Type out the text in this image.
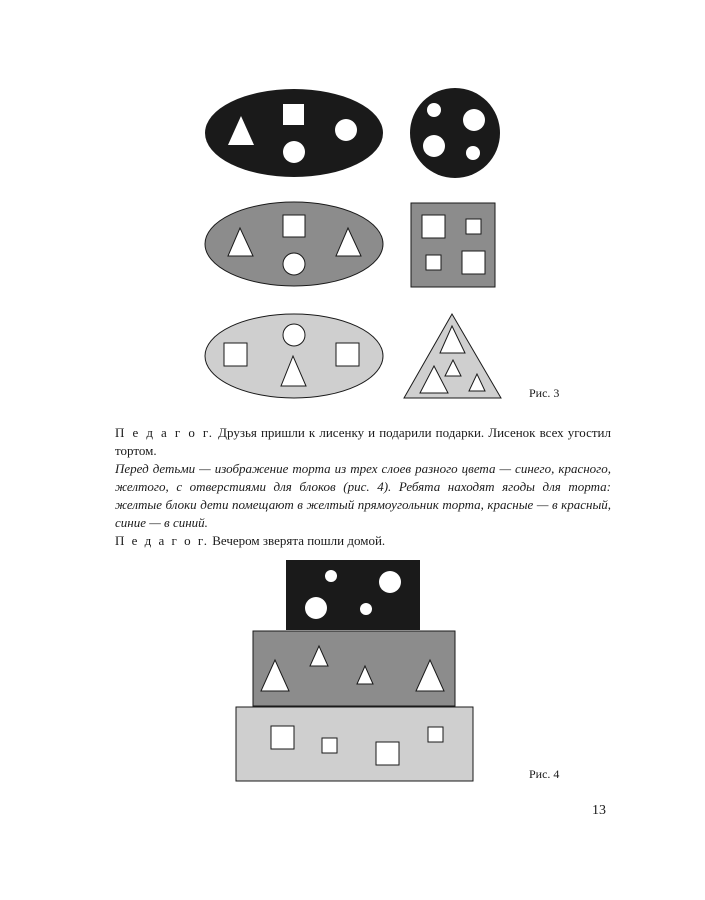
Рис. 3

П е д а г о г. Друзья пришли к лисенку и подарили подарки. Лисенок всех угостил тортом.

Перед детьми — изображение торта из трех слоев разного цвета — синего, красного, желтого, с отверстиями для блоков (рис. 4). Ребята находят ягоды для торта: желтые блоки дети помещают в желтый прямоугольник торта, красные — в красный, синие — в синий.

П е д а г о г. Вечером зверята пошли домой.

Рис. 4
13
